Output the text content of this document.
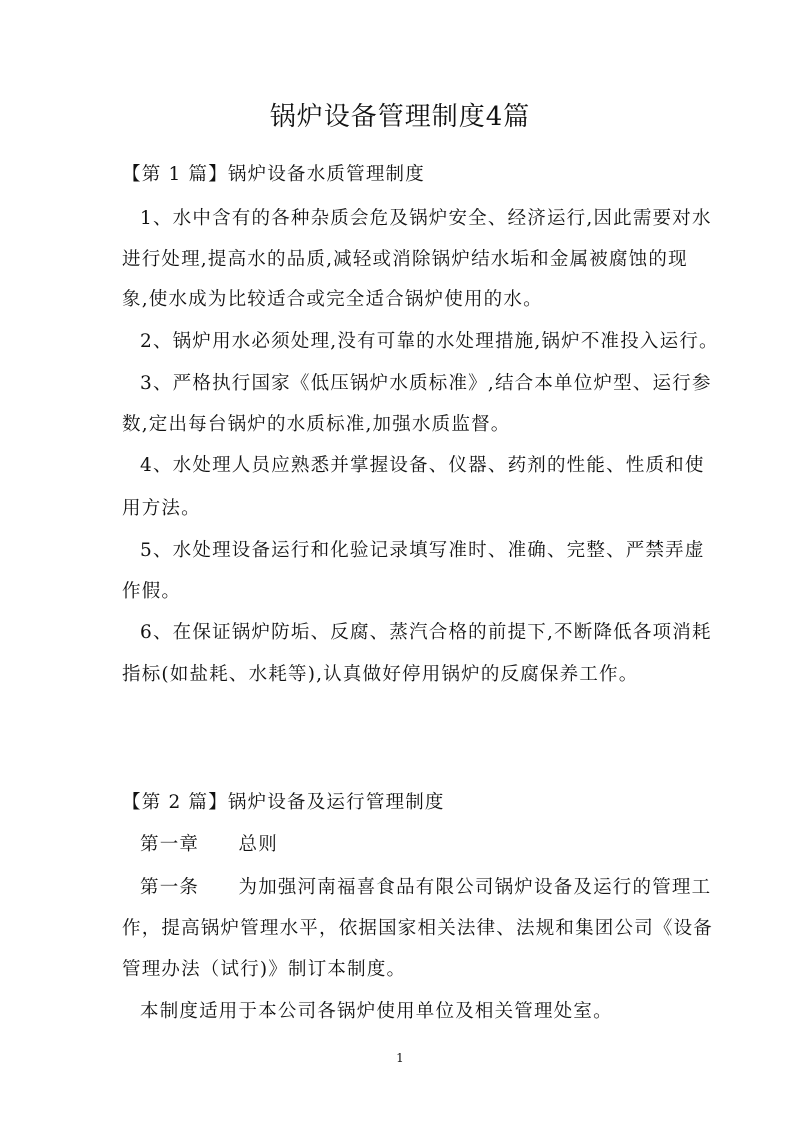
锅炉设备管理制度4篇

【第 1 篇】锅炉设备水质管理制度

1、水中含有的各种杂质会危及锅炉安全、经济运行,因此需要对水

进行处理,提高水的品质,减轻或消除锅炉结水垢和金属被腐蚀的现

象,使水成为比较适合或完全适合锅炉使用的水。

2、锅炉用水必须处理,没有可靠的水处理措施,锅炉不准投入运行。

3、严格执行国家《低压锅炉水质标准》,结合本单位炉型、运行参

数,定出每台锅炉的水质标准,加强水质监督。

4、水处理人员应熟悉并掌握设备、仪器、药剂的性能、性质和使

用方法。

5、水处理设备运行和化验记录填写准时、准确、完整、严禁弄虚

作假。

6、在保证锅炉防垢、反腐、蒸汽合格的前提下,不断降低各项消耗

指标(如盐耗、水耗等),认真做好停用锅炉的反腐保养工作。

【第 2 篇】锅炉设备及运行管理制度

第一章　　总则

第一条　　为加强河南福喜食品有限公司锅炉设备及运行的管理工

作，提高锅炉管理水平，依据国家相关法律、法规和集团公司《设备

管理办法（试行)》制订本制度。

本制度适用于本公司各锅炉使用单位及相关管理处室。

1
